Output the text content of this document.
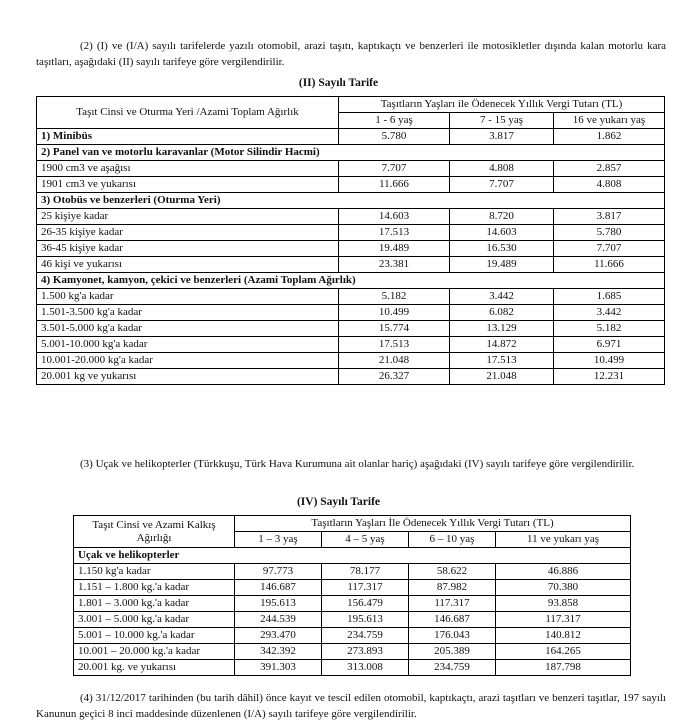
(2) (I) ve (I/A) sayılı tarifelerde yazılı otomobil, arazi taşıtı, kaptıkaçtı ve benzerleri ile motosikletler dışında kalan motorlu kara taşıtları, aşağıdaki (II) sayılı tarifeye göre vergilendirilir.
(II) Sayılı Tarife
Taşıt Cinsi ve Oturma Yeri /Azami Toplam Ağırlık	Taşıtların Yaşları ile Ödenecek Yıllık Vergi Tutarı (TL)		
	1 - 6 yaş	7 - 15 yaş	16 ve yukarı yaş
1) Minibüs	5.780	3.817	1.862
2) Panel van ve motorlu karavanlar (Motor Silindir Hacmi)			
1900 cm3 ve aşağısı	7.707	4.808	2.857
1901 cm3 ve yukarısı	11.666	7.707	4.808
3) Otobüs ve benzerleri (Oturma Yeri)			
25 kişiye kadar	14.603	8.720	3.817
26-35 kişiye kadar	17.513	14.603	5.780
36-45 kişiye kadar	19.489	16.530	7.707
46 kişi ve yukarısı	23.381	19.489	11.666
4) Kamyonet, kamyon, çekici ve benzerleri (Azami Toplam Ağırlık)			
1.500 kg'a kadar	5.182	3.442	1.685
1.501-3.500 kg'a kadar	10.499	6.082	3.442
3.501-5.000 kg'a kadar	15.774	13.129	5.182
5.001-10.000 kg'a kadar	17.513	14.872	6.971
10.001-20.000 kg'a kadar	21.048	17.513	10.499
20.001 kg ve yukarısı	26.327	21.048	12.231
(3) Uçak ve helikopterler (Türkkuşu, Türk Hava Kurumuna ait olanlar hariç) aşağıdaki (IV) sayılı tarifeye göre vergilendirilir.
(IV) Sayılı Tarife
Taşıt Cinsi ve Azami Kalkış Ağırlığı	Taşıtların Yaşları İle Ödenecek Yıllık Vergi Tutarı (TL)			
	1 – 3 yaş	4 – 5 yaş	6 – 10 yaş	11 ve yukarı yaş
Uçak ve helikopterler				
1.150 kg'a kadar	97.773	78.177	58.622	46.886
1.151 – 1.800 kg.'a kadar	146.687	117.317	87.982	70.380
1.801 – 3.000 kg.'a kadar	195.613	156.479	117.317	93.858
3.001 – 5.000 kg.'a kadar	244.539	195.613	146.687	117.317
5.001 – 10.000 kg.'a kadar	293.470	234.759	176.043	140.812
10.001 – 20.000 kg.'a kadar	342.392	273.893	205.389	164.265
20.001 kg. ve yukarısı	391.303	313.008	234.759	187.798
(4) 31/12/2017 tarihinden (bu tarih dâhil) önce kayıt ve tescil edilen otomobil, kaptıkaçtı, arazi taşıtları ve benzeri taşıtlar, 197 sayılı Kanunun geçici 8 inci maddesinde düzenlenen (I/A) sayılı tarifeye göre vergilendirilir.
